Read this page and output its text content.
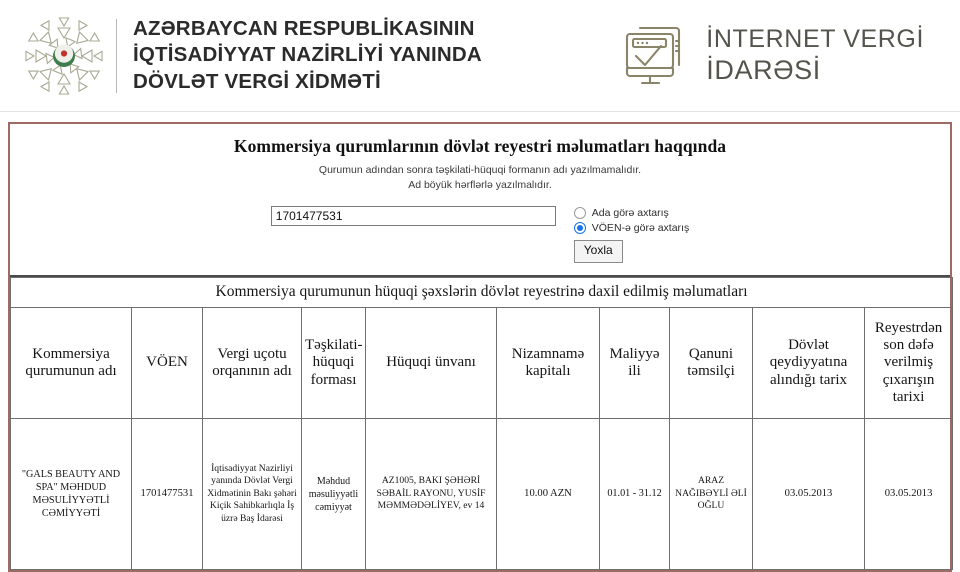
AZƏRBAYCAN RESPUBLİKASININ
İQTİSADİYYAT NAZİRLİYİ YANINDA
DÖVLƏT VERGİ XİDMƏTİ
İNTERNET VERGİ
İDARƏSİ
Kommersiya qurumlarının dövlət reyestri məlumatları haqqında
Qurumun adından sonra təşkilati-hüquqi formanın adı yazılmamalıdır.
Ad böyük hərflərlə yazılmalıdır.
1701477531
Ada görə axtarış
VÖEN-ə görə axtarış
Yoxla
Kommersiya qurumunun hüquqi şəxslərin dövlət reyestrinə daxil edilmiş məlumatları									
Kommersiya qurumunun adı	VÖEN	Vergi uçotu orqanının adı	Təşkilati-hüquqi forması	Hüquqi ünvanı	Nizamnamə kapitalı	Maliyyə ili	Qanuni təmsilçi	Dövlət qeydiyyatına alındığı tarix	Reyestrdən son dəfə verilmiş çıxarışın tarixi
"GALS BEAUTY AND SPA" MƏHDUD MƏSULİYYƏTLİ CƏMİYYƏTİ	1701477531	İqtisadiyyat Nazirliyi yanında Dövlət Vergi Xidmətinin Bakı şəhəri Kiçik Sahibkarlıqla İş üzrə Baş İdarəsi	Məhdud məsuliyyətli cəmiyyət	AZ1005, BAKI ŞƏHƏRİ SƏBAİL RAYONU, YUSİF MƏMMƏDƏLİYEV, ev 14	10.00 AZN	01.01 - 31.12	ARAZ NAĞIBƏYLİ ƏLİ OĞLU	03.05.2013	03.05.2013
